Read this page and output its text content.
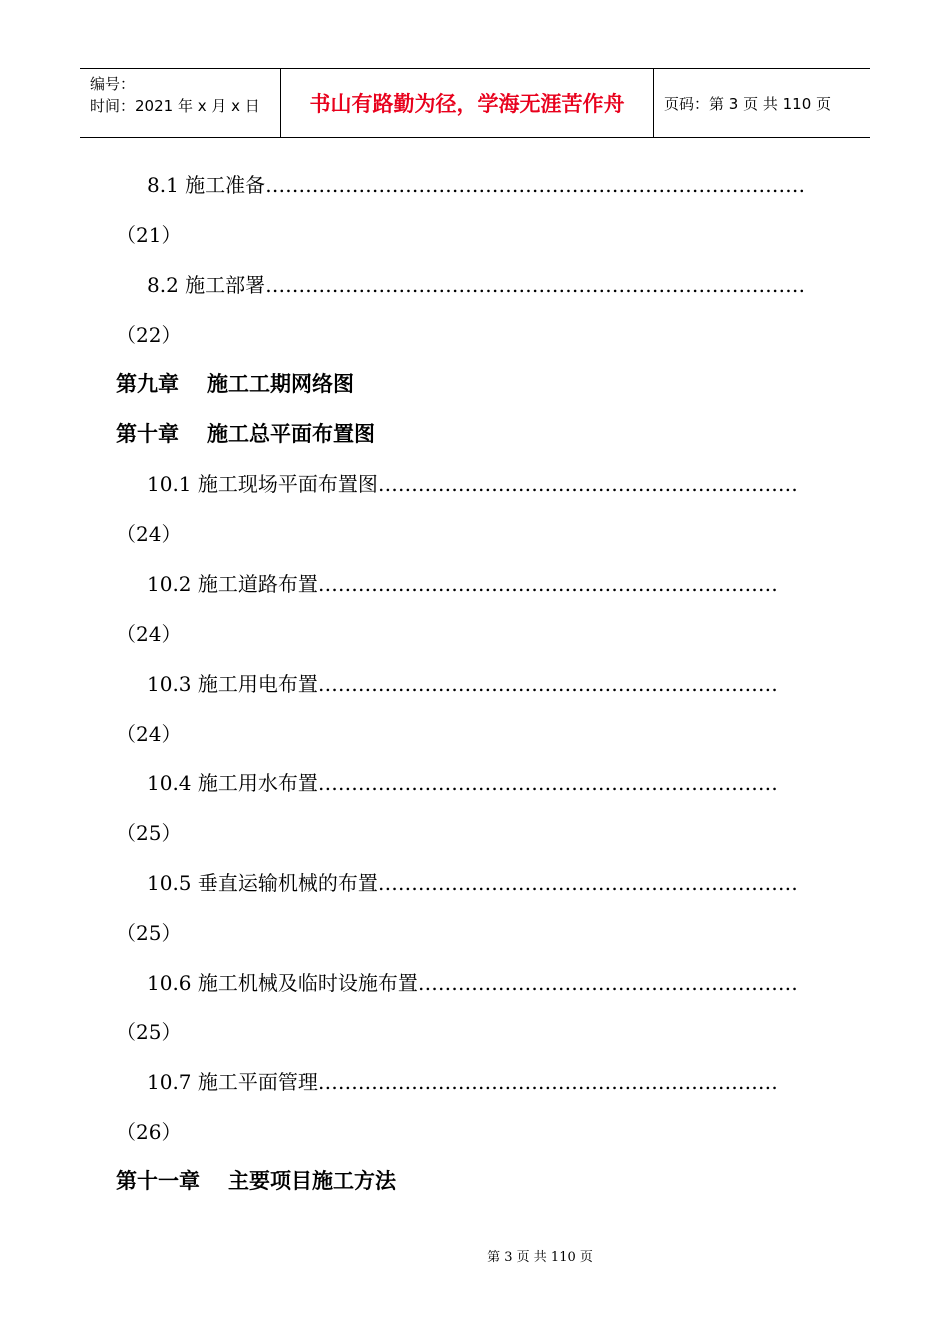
编号：
时间：2021 年 x 月 x 日	书山有路勤为径，学海无涯苦作舟	页码：第 3 页 共 110 页
8.1 施工准备………………………………………………………………………
（21）
8.2 施工部署………………………………………………………………………
（22）
第九章 施工工期网络图
第十章 施工总平面布置图
10.1 施工现场平面布置图………………………………………………………
（24）
10.2 施工道路布置……………………………………………………………
（24）
10.3 施工用电布置……………………………………………………………
（24）
10.4 施工用水布置……………………………………………………………
（25）
10.5 垂直运输机械的布置………………………………………………………
（25）
10.6 施工机械及临时设施布置…………………………………………………
（25）
10.7 施工平面管理……………………………………………………………
（26）
第十一章 主要项目施工方法
第 3 页 共 110 页
